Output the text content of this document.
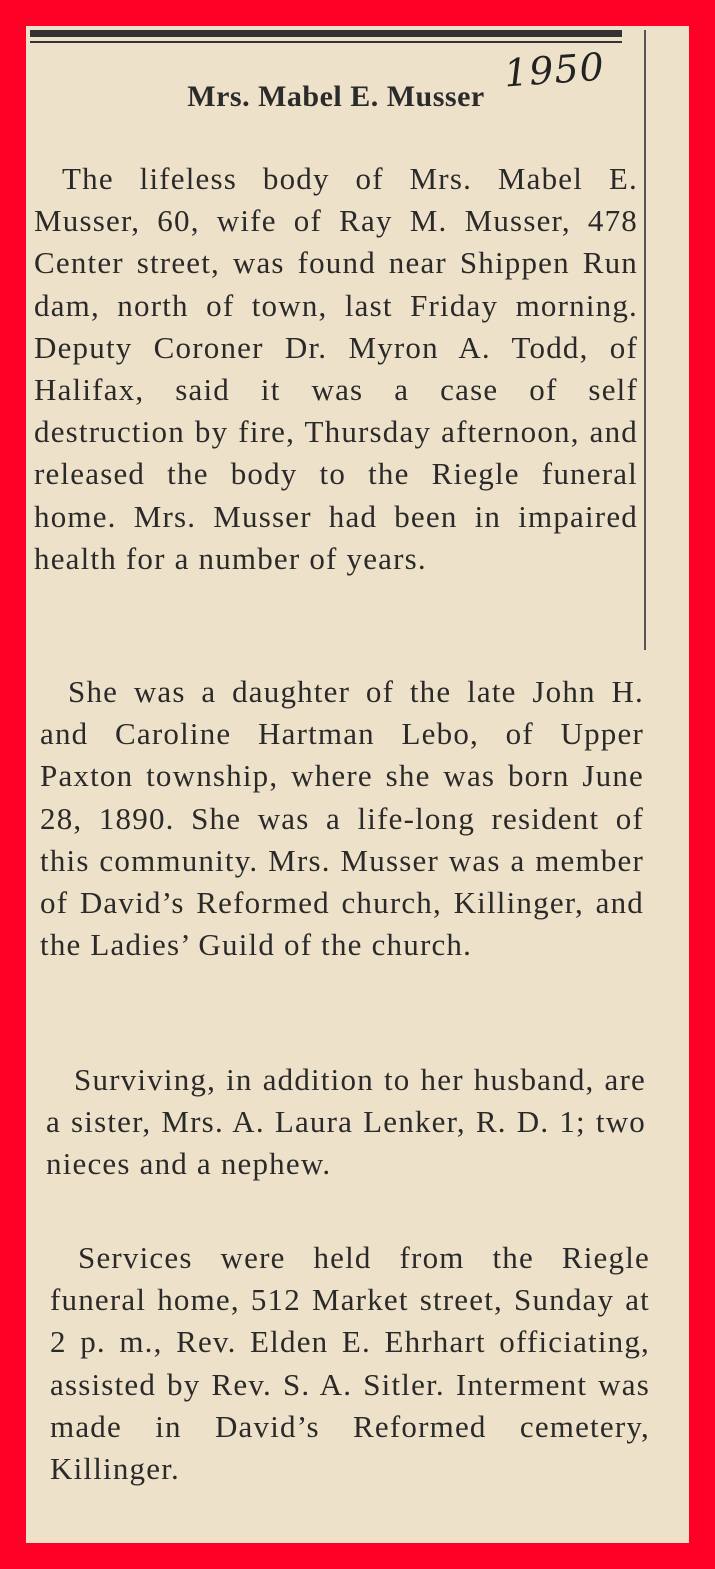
1950
Mrs. Mabel E. Musser

The lifeless body of Mrs. Mabel E. Musser, 60, wife of Ray M. Musser, 478 Center street, was found near Shippen Run dam, north of town, last Friday morning. Deputy Coroner Dr. Myron A. Todd, of Halifax, said it was a case of self destruction by fire, Thursday afternoon, and released the body to the Riegle funeral home. Mrs. Musser had been in impaired health for a number of years.

She was a daughter of the late John H. and Caroline Hartman Lebo, of Upper Paxton township, where she was born June 28, 1890. She was a life-long resident of this community. Mrs. Musser was a member of David’s Reformed church, Killinger, and the Ladies’ Guild of the church.

Surviving, in addition to her husband, are a sister, Mrs. A. Laura Lenker, R. D. 1; two nieces and a nephew.

Services were held from the Riegle funeral home, 512 Market street, Sunday at 2 p. m., Rev. Elden E. Ehrhart officiating, assisted by Rev. S. A. Sitler. Interment was made in David’s Reformed cemetery, Killinger.
